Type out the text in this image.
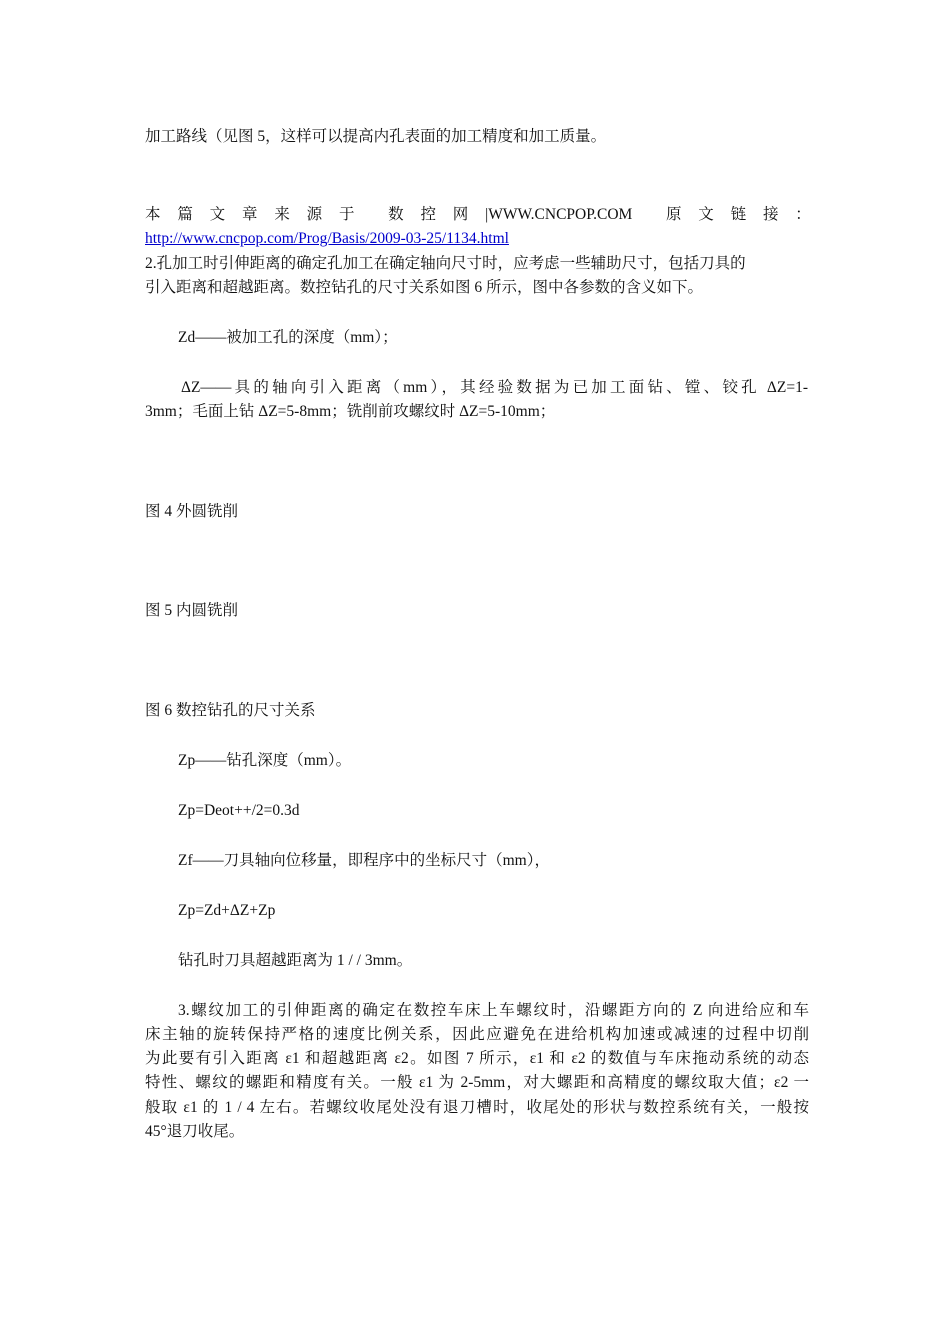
加工路线（见图 5，这样可以提高内孔表面的加工精度和加工质量。
本 篇 文 章 来 源 于 数 控 网 |WWW.CNCPOP.COM 原 文 链 接 ：
http://www.cncpop.com/Prog/Basis/2009-03-25/1134.html
2.孔加工时引伸距离的确定孔加工在确定轴向尺寸时，应考虑一些辅助尺寸，包括刀具的
引入距离和超越距离。数控钻孔的尺寸关系如图 6 所示，图中各参数的含义如下。
Zd——被加工孔的深度（mm）；
ΔZ——具的轴向引入距离（mm），其经验数据为已加工面钻、镗、铰孔 ΔZ=1-
3mm；毛面上钻 ΔZ=5-8mm；铣削前攻螺纹时 ΔZ=5-10mm；
图 4 外圆铣削
图 5 内圆铣削
图 6 数控钻孔的尺寸关系
Zp——钻孔深度（mm）。
Zp=Deot++/2=0.3d
Zf——刀具轴向位移量，即程序中的坐标尺寸（mm），
Zp=Zd+ΔZ+Zp
钻孔时刀具超越距离为 1 / / 3mm。
3.螺纹加工的引伸距离的确定在数控车床上车螺纹时，沿螺距方向的 Z 向进给应和车
床主轴的旋转保持严格的速度比例关系，因此应避免在进给机构加速或减速的过程中切削
为此要有引入距离 ε1 和超越距离 ε2。如图 7 所示，ε1 和 ε2 的数值与车床拖动系统的动态
特性、螺纹的螺距和精度有关。一般 ε1 为 2-5mm，对大螺距和高精度的螺纹取大值；ε2 一
般取 ε1 的 1 / 4 左右。若螺纹收尾处没有退刀槽时，收尾处的形状与数控系统有关，一般按
45°退刀收尾。
